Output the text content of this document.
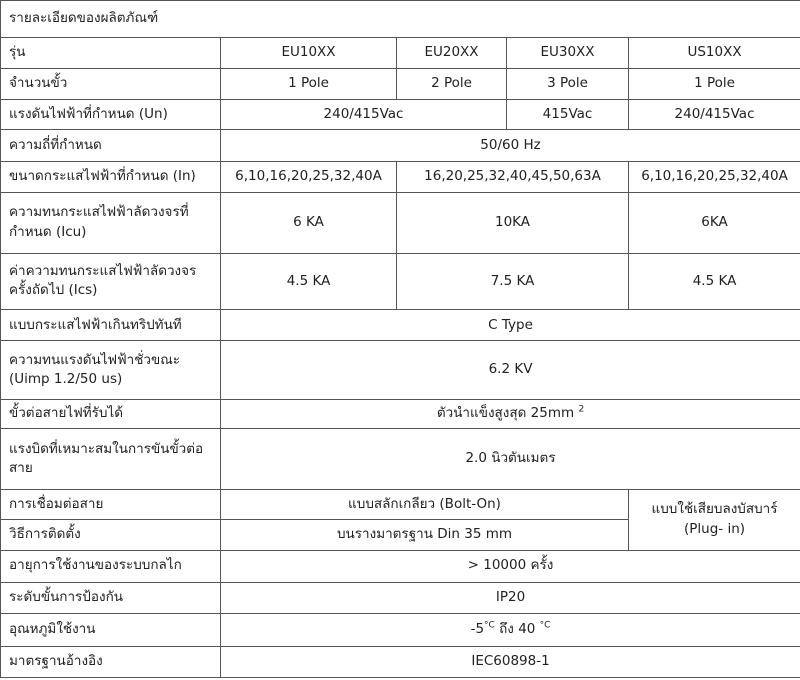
รายละเอียดของผลิตภัณฑ์				
รุ่น	EU10XX	EU20XX	EU30XX	US10XX
จำนวนขั้ว	1 Pole	2 Pole	3 Pole	1 Pole
แรงดันไฟฟ้าที่กำหนด (Un)	240/415Vac		415Vac	240/415Vac
ความถี่ที่กำหนด	50/60 Hz			
ขนาดกระแสไฟฟ้าที่กำหนด (In)	6,10,16,20,25,32,40A	16,20,25,32,40,45,50,63A		6,10,16,20,25,32,40A
ความทนกระแสไฟฟ้าลัดวงจรที่
กำหนด (Icu)	6 KA	10KA		6KA
ค่าความทนกระแสไฟฟ้าลัดวงจร
ครั้งถัดไป (Ics)	4.5 KA	7.5 KA		4.5 KA
แบบกระแสไฟฟ้าเกินทริปทันที	C Type			
ความทนแรงดันไฟฟ้าชั่วขณะ
(Uimp 1.2/50 us)	6.2 KV			
ขั้วต่อสายไฟที่รับได้	ตัวนำแข็งสูงสุด 25mm $^2$
แรงบิดที่เหมาะสมในการขันขั้วต่อ
สาย	2.0 นิวตันเมตร			
การเชื่อมต่อสาย	แบบสลักเกลียว (Bolt-On)			แบบใช้เสียบลงบัสบาร์
(Plug- in)
วิธีการติดตั้ง	บนรางมาตรฐาน Din 35 mm			
อายุการใช้งานของระบบกลไก	> 10000 ครั้ง			
ระดับขั้นการป้องกัน	IP20			
อุณหภูมิใช้งาน	$-5^{^\circ C}$ ถึง 40 $^{^\circ C}$
มาตรฐานอ้างอิง	IEC60898-1			
